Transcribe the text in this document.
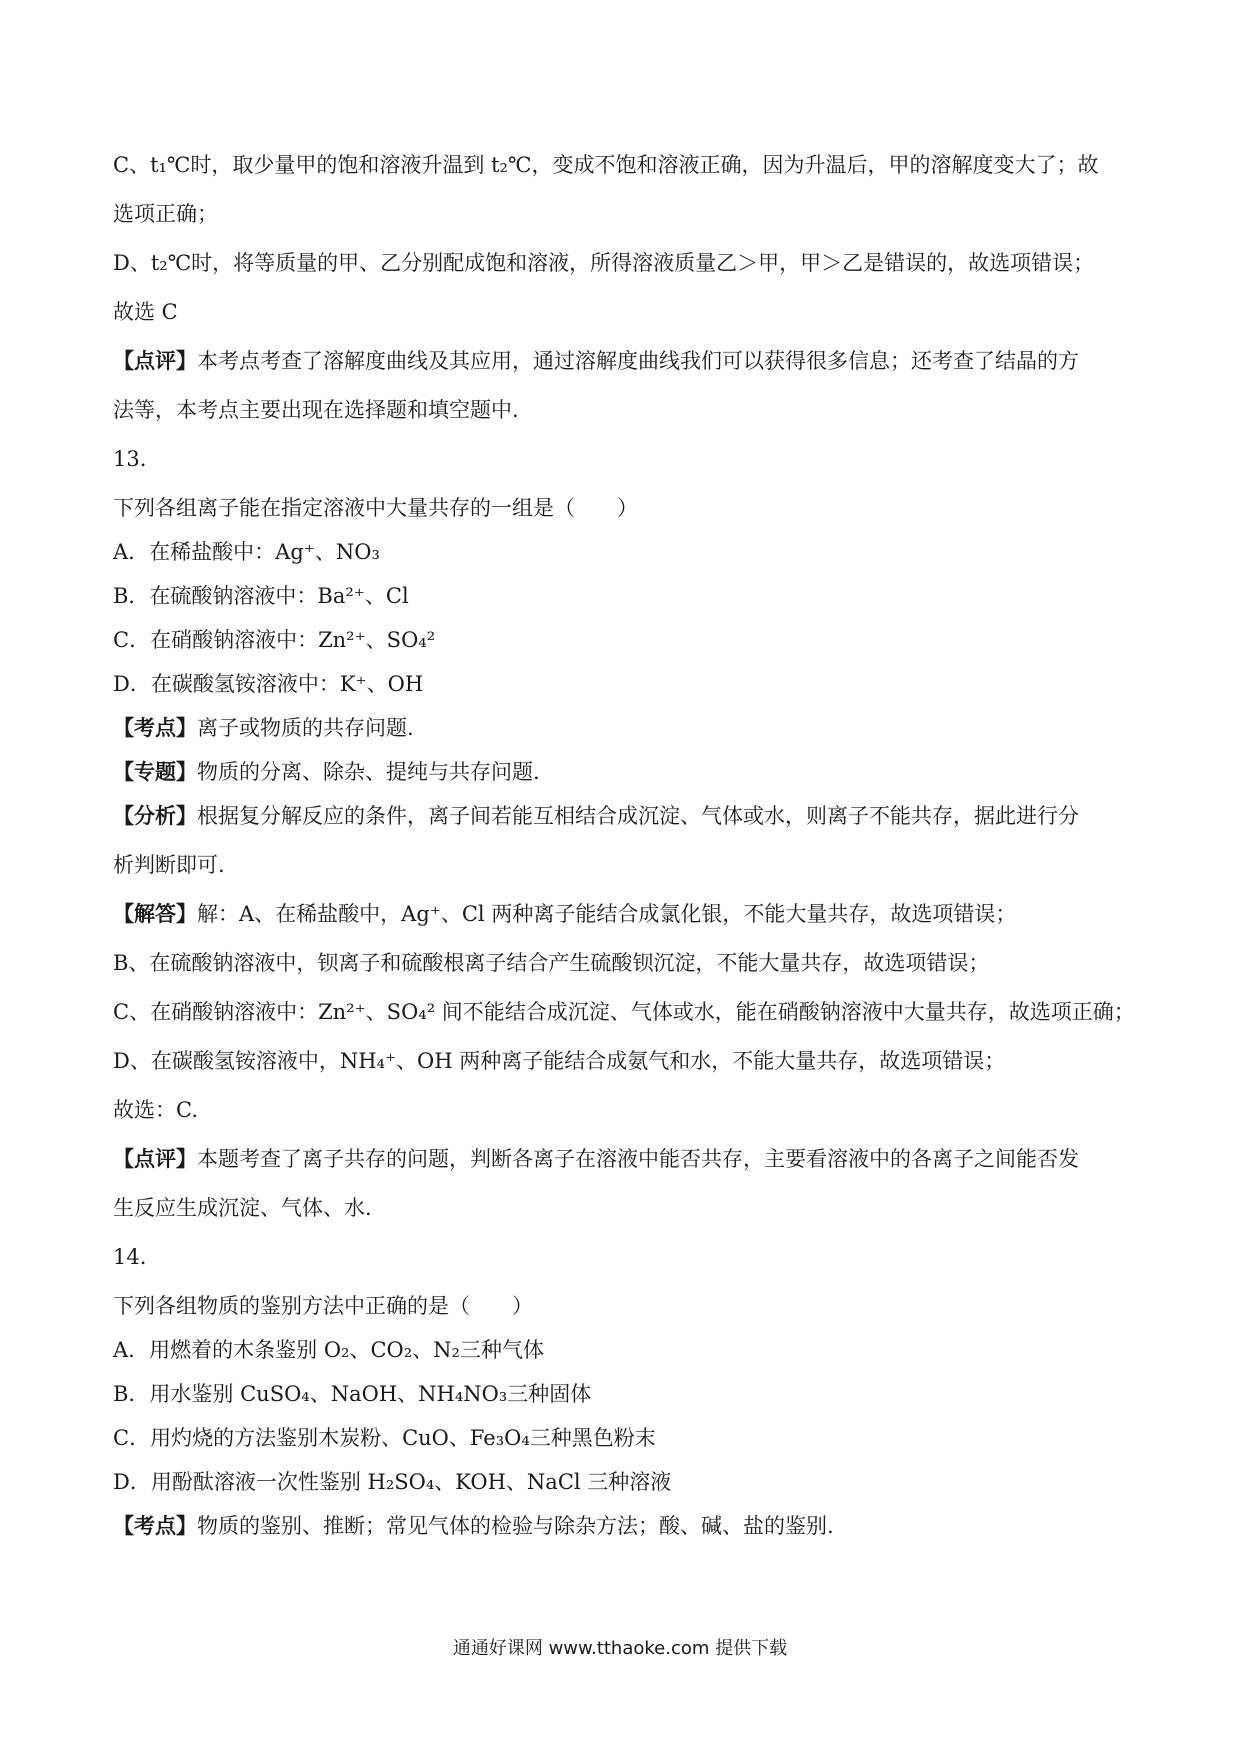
C、t₁℃时，取少量甲的饱和溶液升温到 t₂℃，变成不饱和溶液正确，因为升温后，甲的溶解度变大了；故

选项正确；

D、t₂℃时，将等质量的甲、乙分别配成饱和溶液，所得溶液质量乙＞甲，甲＞乙是错误的，故选项错误；

故选 C

【点评】本考点考查了溶解度曲线及其应用，通过溶解度曲线我们可以获得很多信息；还考查了结晶的方

法等，本考点主要出现在选择题和填空题中.

13.

下列各组离子能在指定溶液中大量共存的一组是（　　）

A．在稀盐酸中：Ag⁺、NO₃

B．在硫酸钠溶液中：Ba²⁺、Cl

C．在硝酸钠溶液中：Zn²⁺、SO₄²

D．在碳酸氢铵溶液中：K⁺、OH

【考点】离子或物质的共存问题.

【专题】物质的分离、除杂、提纯与共存问题.

【分析】根据复分解反应的条件，离子间若能互相结合成沉淀、气体或水，则离子不能共存，据此进行分

析判断即可.

【解答】解：A、在稀盐酸中，Ag⁺、Cl 两种离子能结合成氯化银，不能大量共存，故选项错误；

B、在硫酸钠溶液中，钡离子和硫酸根离子结合产生硫酸钡沉淀，不能大量共存，故选项错误；

C、在硝酸钠溶液中：Zn²⁺、SO₄² 间不能结合成沉淀、气体或水，能在硝酸钠溶液中大量共存，故选项正确；

D、在碳酸氢铵溶液中，NH₄⁺、OH 两种离子能结合成氨气和水，不能大量共存，故选项错误；

故选：C.

【点评】本题考查了离子共存的问题，判断各离子在溶液中能否共存，主要看溶液中的各离子之间能否发

生反应生成沉淀、气体、水.

14.

下列各组物质的鉴别方法中正确的是（　　）

A．用燃着的木条鉴别 O₂、CO₂、N₂三种气体

B．用水鉴别 CuSO₄、NaOH、NH₄NO₃三种固体

C．用灼烧的方法鉴别木炭粉、CuO、Fe₃O₄三种黑色粉末

D．用酚酞溶液一次性鉴别 H₂SO₄、KOH、NaCl 三种溶液

【考点】物质的鉴别、推断；常见气体的检验与除杂方法；酸、碱、盐的鉴别.

通通好课网 www.tthaoke.com 提供下载
